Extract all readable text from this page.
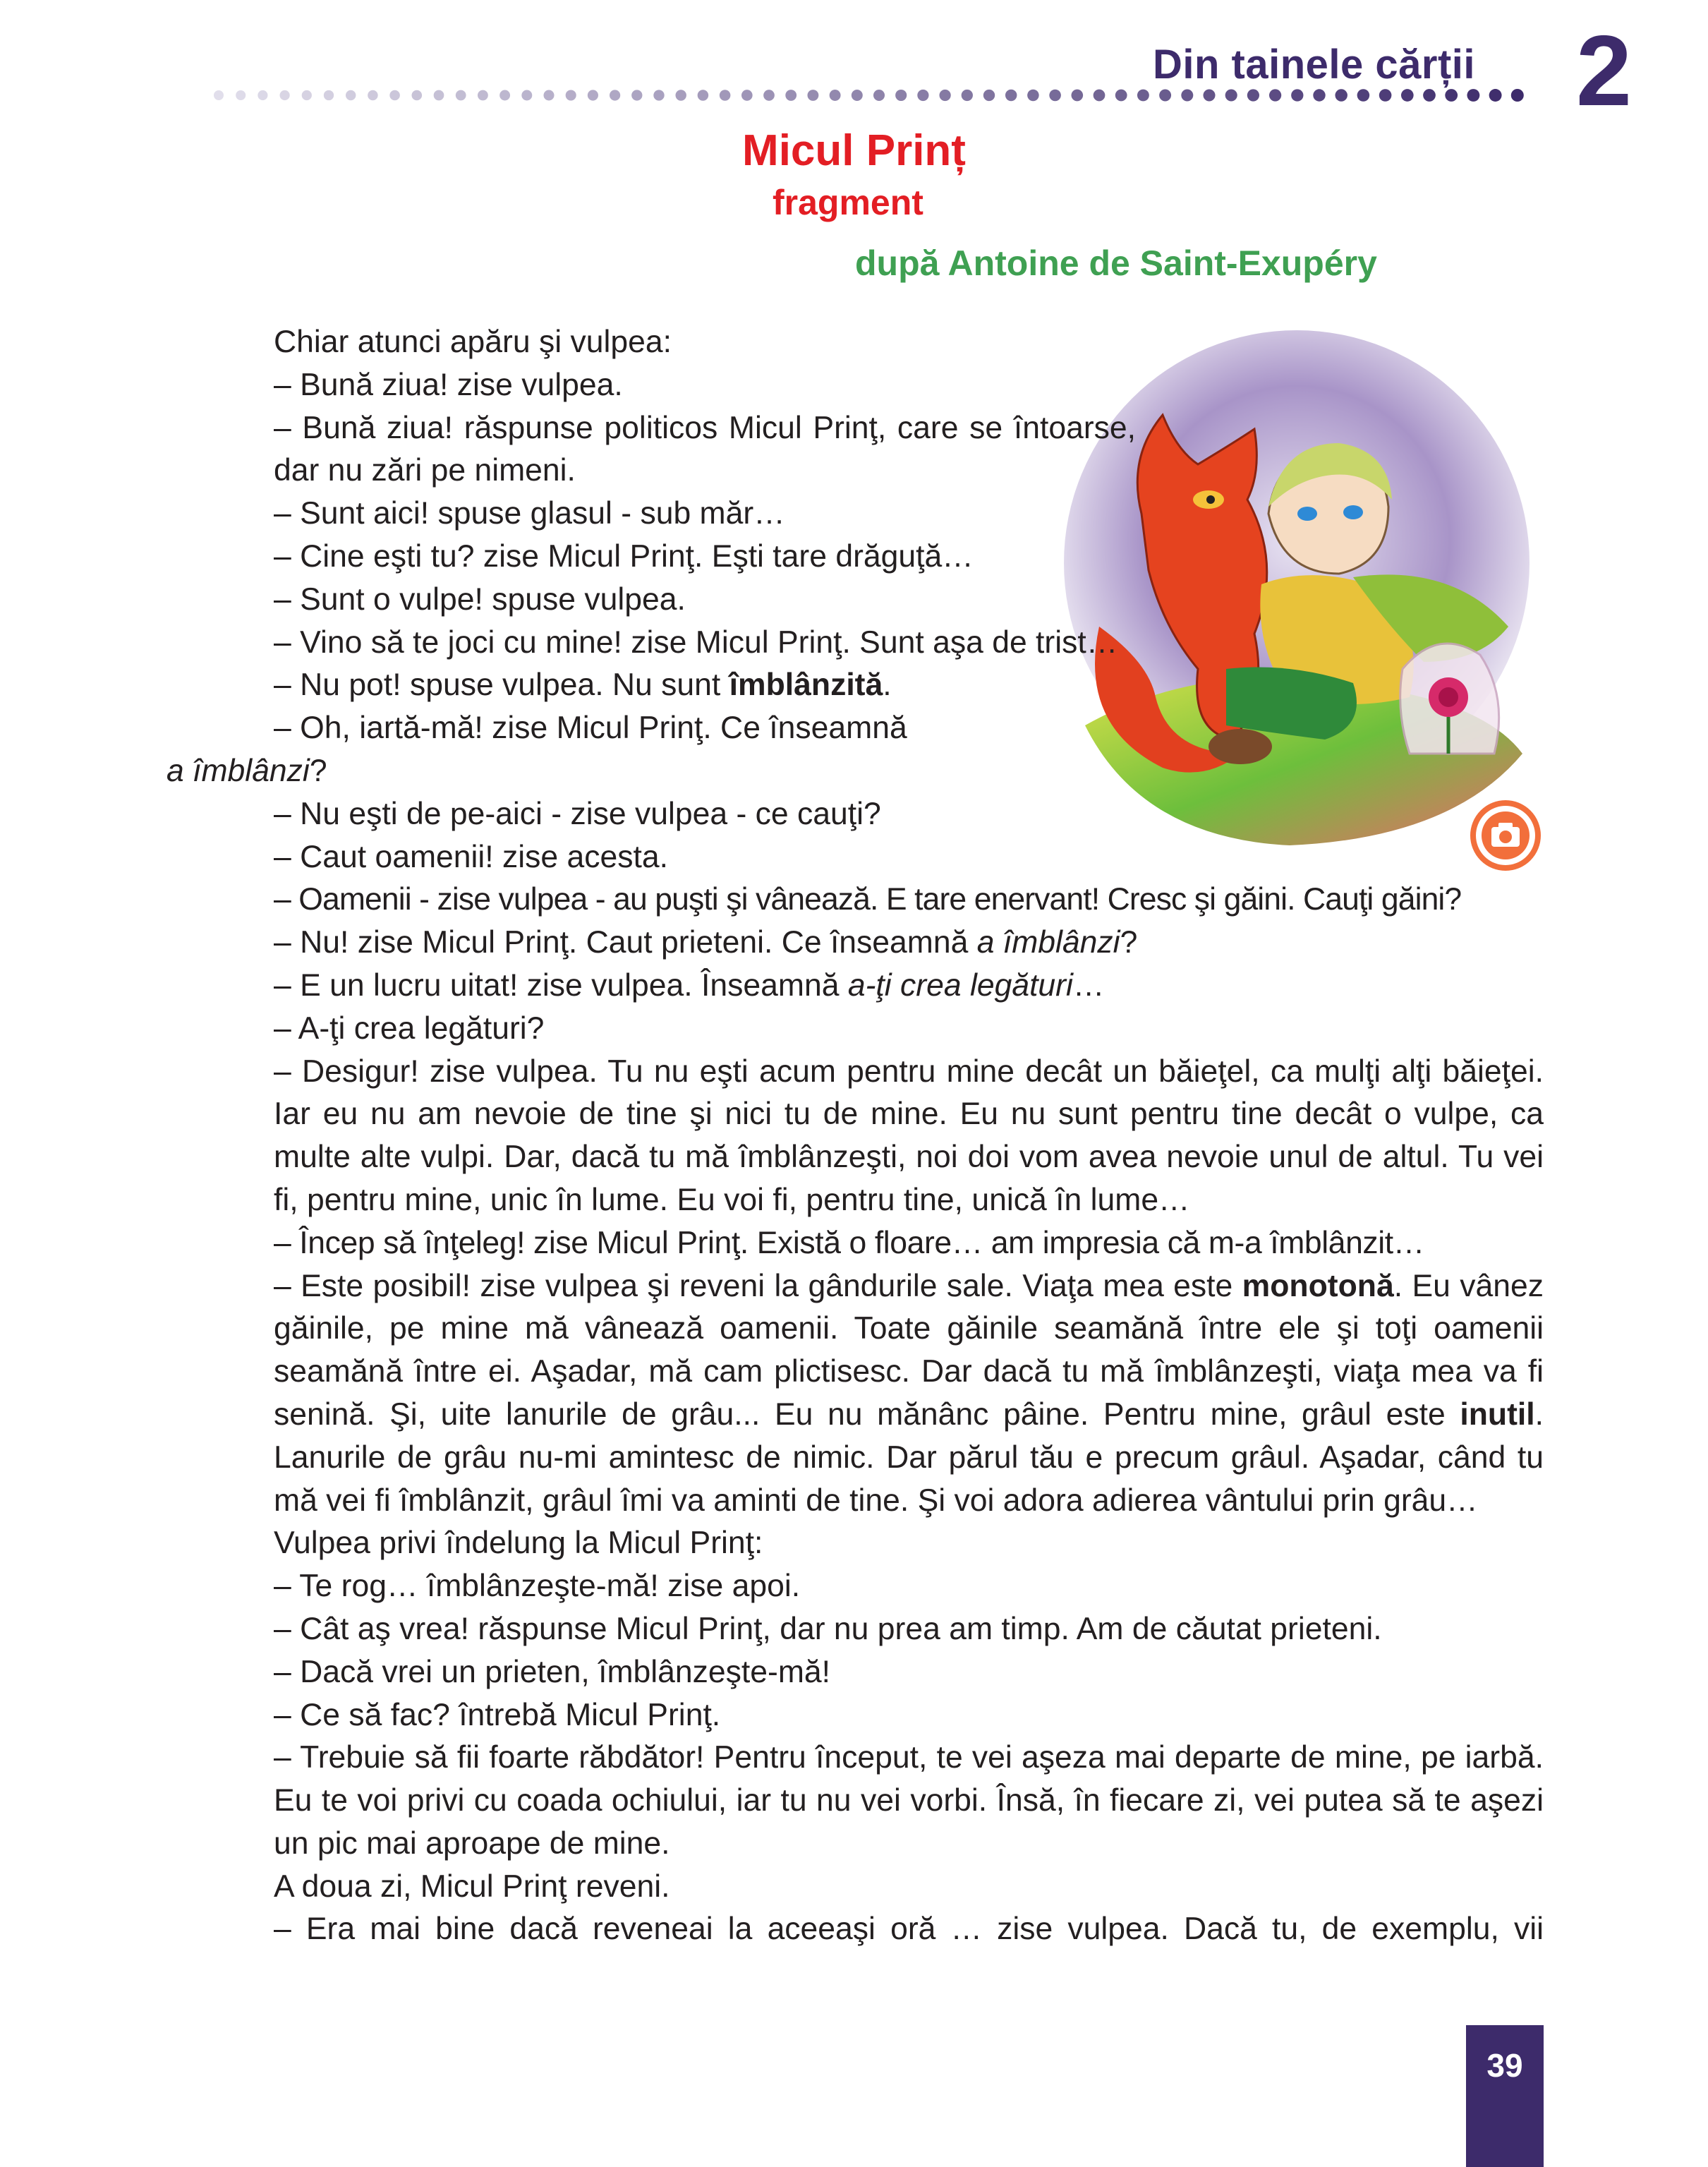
Din tainele cărții 2
Micul Prinț
fragment
după Antoine de Saint-Exupéry
Chiar atunci apăru şi vulpea:
– Bună ziua! zise vulpea.
– Bună ziua! răspunse politicos Micul Prinţ, care se întoarse, dar nu zări pe nimeni.
– Sunt aici! spuse glasul - sub măr…
– Cine eşti tu? zise Micul Prinţ. Eşti tare drăguţă…
– Sunt o vulpe! spuse vulpea.
– Vino să te joci cu mine! zise Micul Prinţ. Sunt aşa de trist…
– Nu pot! spuse vulpea. Nu sunt îmblânzită.
– Oh, iartă-mă! zise Micul Prinţ. Ce înseamnă
a îmblânzi?
– Nu eşti de pe-aici - zise vulpea - ce cauţi?
– Caut oamenii! zise acesta.
– Oamenii - zise vulpea - au puşti şi vânează. E tare enervant! Cresc şi găini. Cauţi găini?
– Nu! zise Micul Prinţ. Caut prieteni. Ce înseamnă a îmblânzi?
– E un lucru uitat! zise vulpea. Înseamnă a-ţi crea legături…
– A-ţi crea legături?
– Desigur! zise vulpea. Tu nu eşti acum pentru mine decât un băieţel, ca mulţi alţi băieţei. Iar eu nu am nevoie de tine şi nici tu de mine. Eu nu sunt pentru tine decât o vulpe, ca multe alte vulpi. Dar, dacă tu mă îmblânzeşti, noi doi vom avea nevoie unul de altul. Tu vei fi, pentru mine, unic în lume. Eu voi fi, pentru tine, unică în lume…
– Încep să înţeleg! zise Micul Prinţ. Există o floare… am impresia că m-a îmblânzit…
– Este posibil! zise vulpea şi reveni la gândurile sale. Viaţa mea este monotonă. Eu vânez găinile, pe mine mă vânează oamenii. Toate găinile seamănă între ele şi toţi oamenii seamănă între ei. Aşadar, mă cam plictisesc. Dar dacă tu mă îmblânzeşti, viaţa mea va fi senină. Şi, uite lanurile de grâu... Eu nu mănânc pâine. Pentru mine, grâul este inutil. Lanurile de grâu nu-mi amintesc de nimic. Dar părul tău e precum grâul. Aşadar, când tu mă vei fi îmblânzit, grâul îmi va aminti de tine. Şi voi adora adierea vântului prin grâu…
Vulpea privi îndelung la Micul Prinţ:
– Te rog… îmblânzeşte-mă! zise apoi.
– Cât aş vrea! răspunse Micul Prinţ, dar nu prea am timp. Am de căutat prieteni.
– Dacă vrei un prieten, îmblânzeşte-mă!
– Ce să fac? întrebă Micul Prinţ.
– Trebuie să fii foarte răbdător! Pentru început, te vei aşeza mai departe de mine, pe iarbă. Eu te voi privi cu coada ochiului, iar tu nu vei vorbi. Însă, în fiecare zi, vei putea să te aşezi un pic mai aproape de mine.
A doua zi, Micul Prinţ reveni.
– Era mai bine dacă reveneai la aceeaşi oră … zise vulpea. Dacă tu, de exemplu, vii
39
